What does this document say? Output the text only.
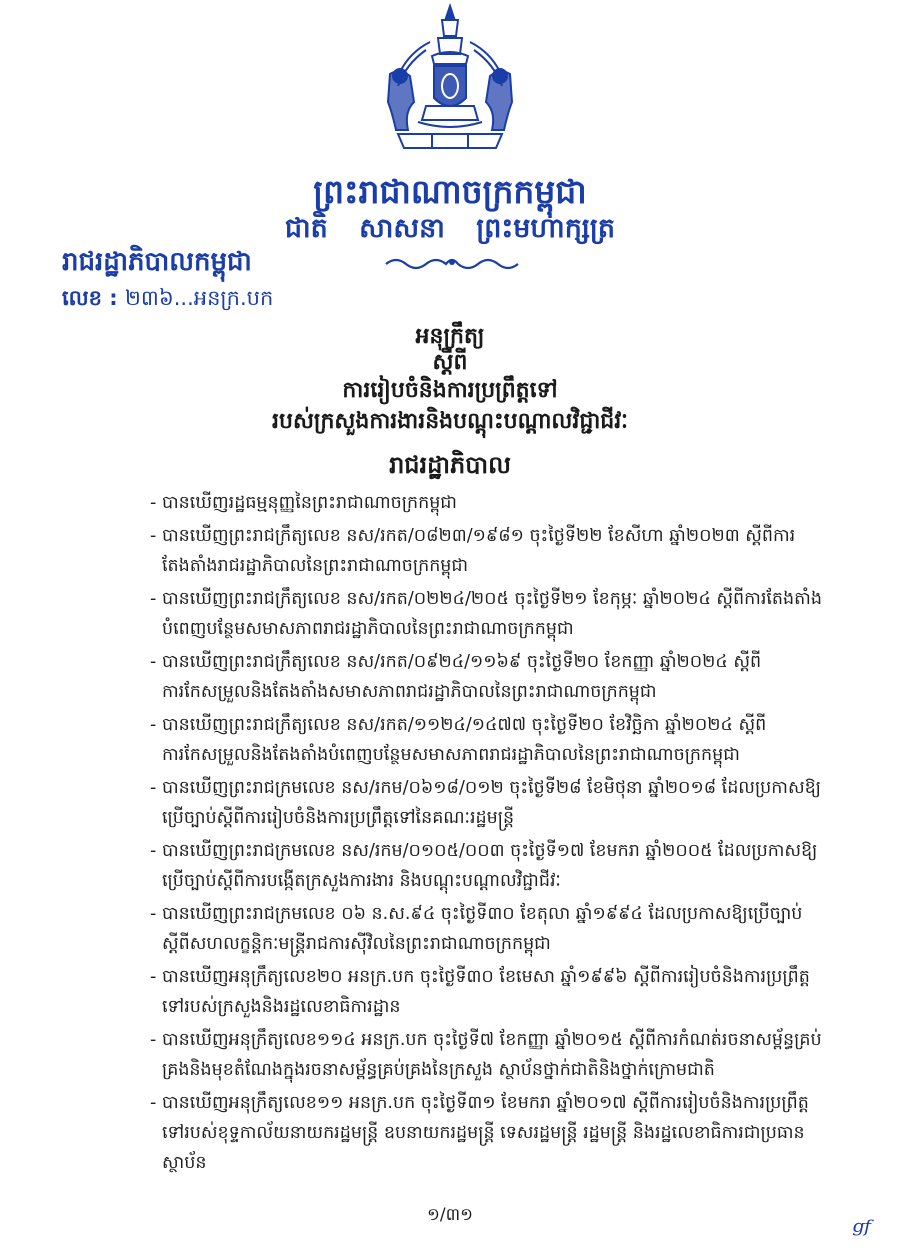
ព្រះរាជាណាចក្រកម្ពុជា
ជាតិ សាសនា ព្រះមហាក្សត្រ
រាជរដ្ឋាភិបាលកម្ពុជា
លេខ : ២៣៦...អនក្រ.បក
អនុក្រឹត្យ
ស្តីពី
ការរៀបចំនិងការប្រព្រឹត្តទៅ
របស់ក្រសួងការងារនិងបណ្តុះបណ្តាលវិជ្ជាជីវៈ
រាជរដ្ឋាភិបាល
- បានឃើញរដ្ឋធម្មនុញ្ញនៃព្រះរាជាណាចក្រកម្ពុជា
- បានឃើញព្រះរាជក្រឹត្យលេខ នស/រកត/០៨២៣/១៩៨១ ចុះថ្ងៃទី២២ ខែសីហា ឆ្នាំ២០២៣ ស្តីពីការតែងតាំងរាជរដ្ឋាភិបាលនៃព្រះរាជាណាចក្រកម្ពុជា
- បានឃើញព្រះរាជក្រឹត្យលេខ នស/រកត/០២២៤/២០៥ ចុះថ្ងៃទី២១ ខែកុម្ភៈ ឆ្នាំ២០២៤ ស្តីពីការតែងតាំងបំពេញបន្ថែមសមាសភាពរាជរដ្ឋាភិបាលនៃព្រះរាជាណាចក្រកម្ពុជា
- បានឃើញព្រះរាជក្រឹត្យលេខ នស/រកត/០៩២៤/១១៦៩ ចុះថ្ងៃទី២០ ខែកញ្ញា ឆ្នាំ២០២៤ ស្តីពីការកែសម្រួលនិងតែងតាំងសមាសភាពរាជរដ្ឋាភិបាលនៃព្រះរាជាណាចក្រកម្ពុជា
- បានឃើញព្រះរាជក្រឹត្យលេខ នស/រកត/១១២៤/១៤៧៧ ចុះថ្ងៃទី២០ ខែវិច្ឆិកា ឆ្នាំ២០២៤ ស្តីពីការកែសម្រួលនិងតែងតាំងបំពេញបន្ថែមសមាសភាពរាជរដ្ឋាភិបាលនៃព្រះរាជាណាចក្រកម្ពុជា
- បានឃើញព្រះរាជក្រមលេខ នស/រកម/០៦១៨/០១២ ចុះថ្ងៃទី២៨ ខែមិថុនា ឆ្នាំ២០១៨ ដែលប្រកាសឱ្យប្រើច្បាប់ស្តីពីការរៀបចំនិងការប្រព្រឹត្តទៅនៃគណៈរដ្ឋមន្ត្រី
- បានឃើញព្រះរាជក្រមលេខ នស/រកម/០១០៥/០០៣ ចុះថ្ងៃទី១៧ ខែមករា ឆ្នាំ២០០៥ ដែលប្រកាសឱ្យប្រើច្បាប់ស្តីពីការបង្កើតក្រសួងការងារ និងបណ្តុះបណ្តាលវិជ្ជាជីវៈ
- បានឃើញព្រះរាជក្រមលេខ ០៦ ន.ស.៩៤ ចុះថ្ងៃទី៣០ ខែតុលា ឆ្នាំ១៩៩៤ ដែលប្រកាសឱ្យប្រើច្បាប់ស្តីពីសហលក្ខន្តិកៈមន្ត្រីរាជការស៊ីវិលនៃព្រះរាជាណាចក្រកម្ពុជា
- បានឃើញអនុក្រឹត្យលេខ២០ អនក្រ.បក ចុះថ្ងៃទី៣០ ខែមេសា ឆ្នាំ១៩៩៦ ស្តីពីការរៀបចំនិងការប្រព្រឹត្តទៅរបស់ក្រសួងនិងរដ្ឋលេខាធិការដ្ឋាន
- បានឃើញអនុក្រឹត្យលេខ១១៤ អនក្រ.បក ចុះថ្ងៃទី៧ ខែកញ្ញា ឆ្នាំ២០១៥ ស្តីពីការកំណត់រចនាសម្ព័ន្ធគ្រប់គ្រងនិងមុខតំណែងក្នុងរចនាសម្ព័ន្ធគ្រប់គ្រងនៃក្រសួង ស្ថាប័នថ្នាក់ជាតិនិងថ្នាក់ក្រោមជាតិ
- បានឃើញអនុក្រឹត្យលេខ១១ អនក្រ.បក ចុះថ្ងៃទី៣១ ខែមករា ឆ្នាំ២០១៧ ស្តីពីការរៀបចំនិងការប្រព្រឹត្តទៅរបស់ខុទ្ទកាល័យនាយករដ្ឋមន្ត្រី ឧបនាយករដ្ឋមន្ត្រី ទេសរដ្ឋមន្ត្រី រដ្ឋមន្ត្រី និងរដ្ឋលេខាធិការជាប្រធានស្ថាប័ន
១/៣១	ᵍᶠ
